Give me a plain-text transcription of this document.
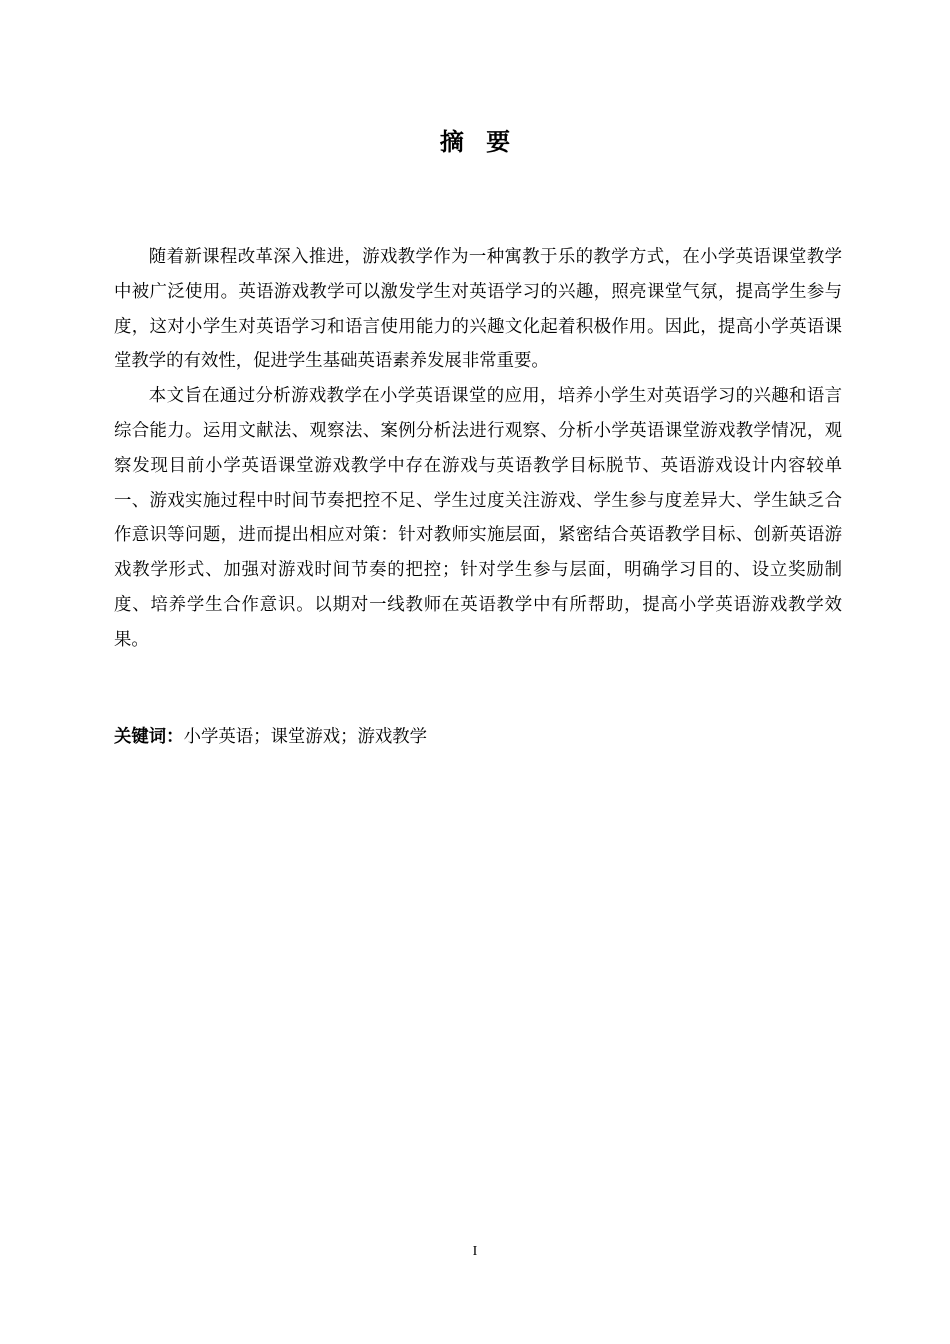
摘 要

随着新课程改革深入推进，游戏教学作为一种寓教于乐的教学方式，在小学英语课堂教学中被广泛使用。英语游戏教学可以激发学生对英语学习的兴趣，照亮课堂气氛，提高学生参与度，这对小学生对英语学习和语言使用能力的兴趣文化起着积极作用。因此，提高小学英语课堂教学的有效性，促进学生基础英语素养发展非常重要。

本文旨在通过分析游戏教学在小学英语课堂的应用，培养小学生对英语学习的兴趣和语言综合能力。运用文献法、观察法、案例分析法进行观察、分析小学英语课堂游戏教学情况，观察发现目前小学英语课堂游戏教学中存在游戏与英语教学目标脱节、英语游戏设计内容较单一、游戏实施过程中时间节奏把控不足、学生过度关注游戏、学生参与度差异大、学生缺乏合作意识等问题，进而提出相应对策：针对教师实施层面，紧密结合英语教学目标、创新英语游戏教学形式、加强对游戏时间节奏的把控；针对学生参与层面，明确学习目的、设立奖励制度、培养学生合作意识。以期对一线教师在英语教学中有所帮助，提高小学英语游戏教学效果。

关键词：小学英语；课堂游戏；游戏教学
I
